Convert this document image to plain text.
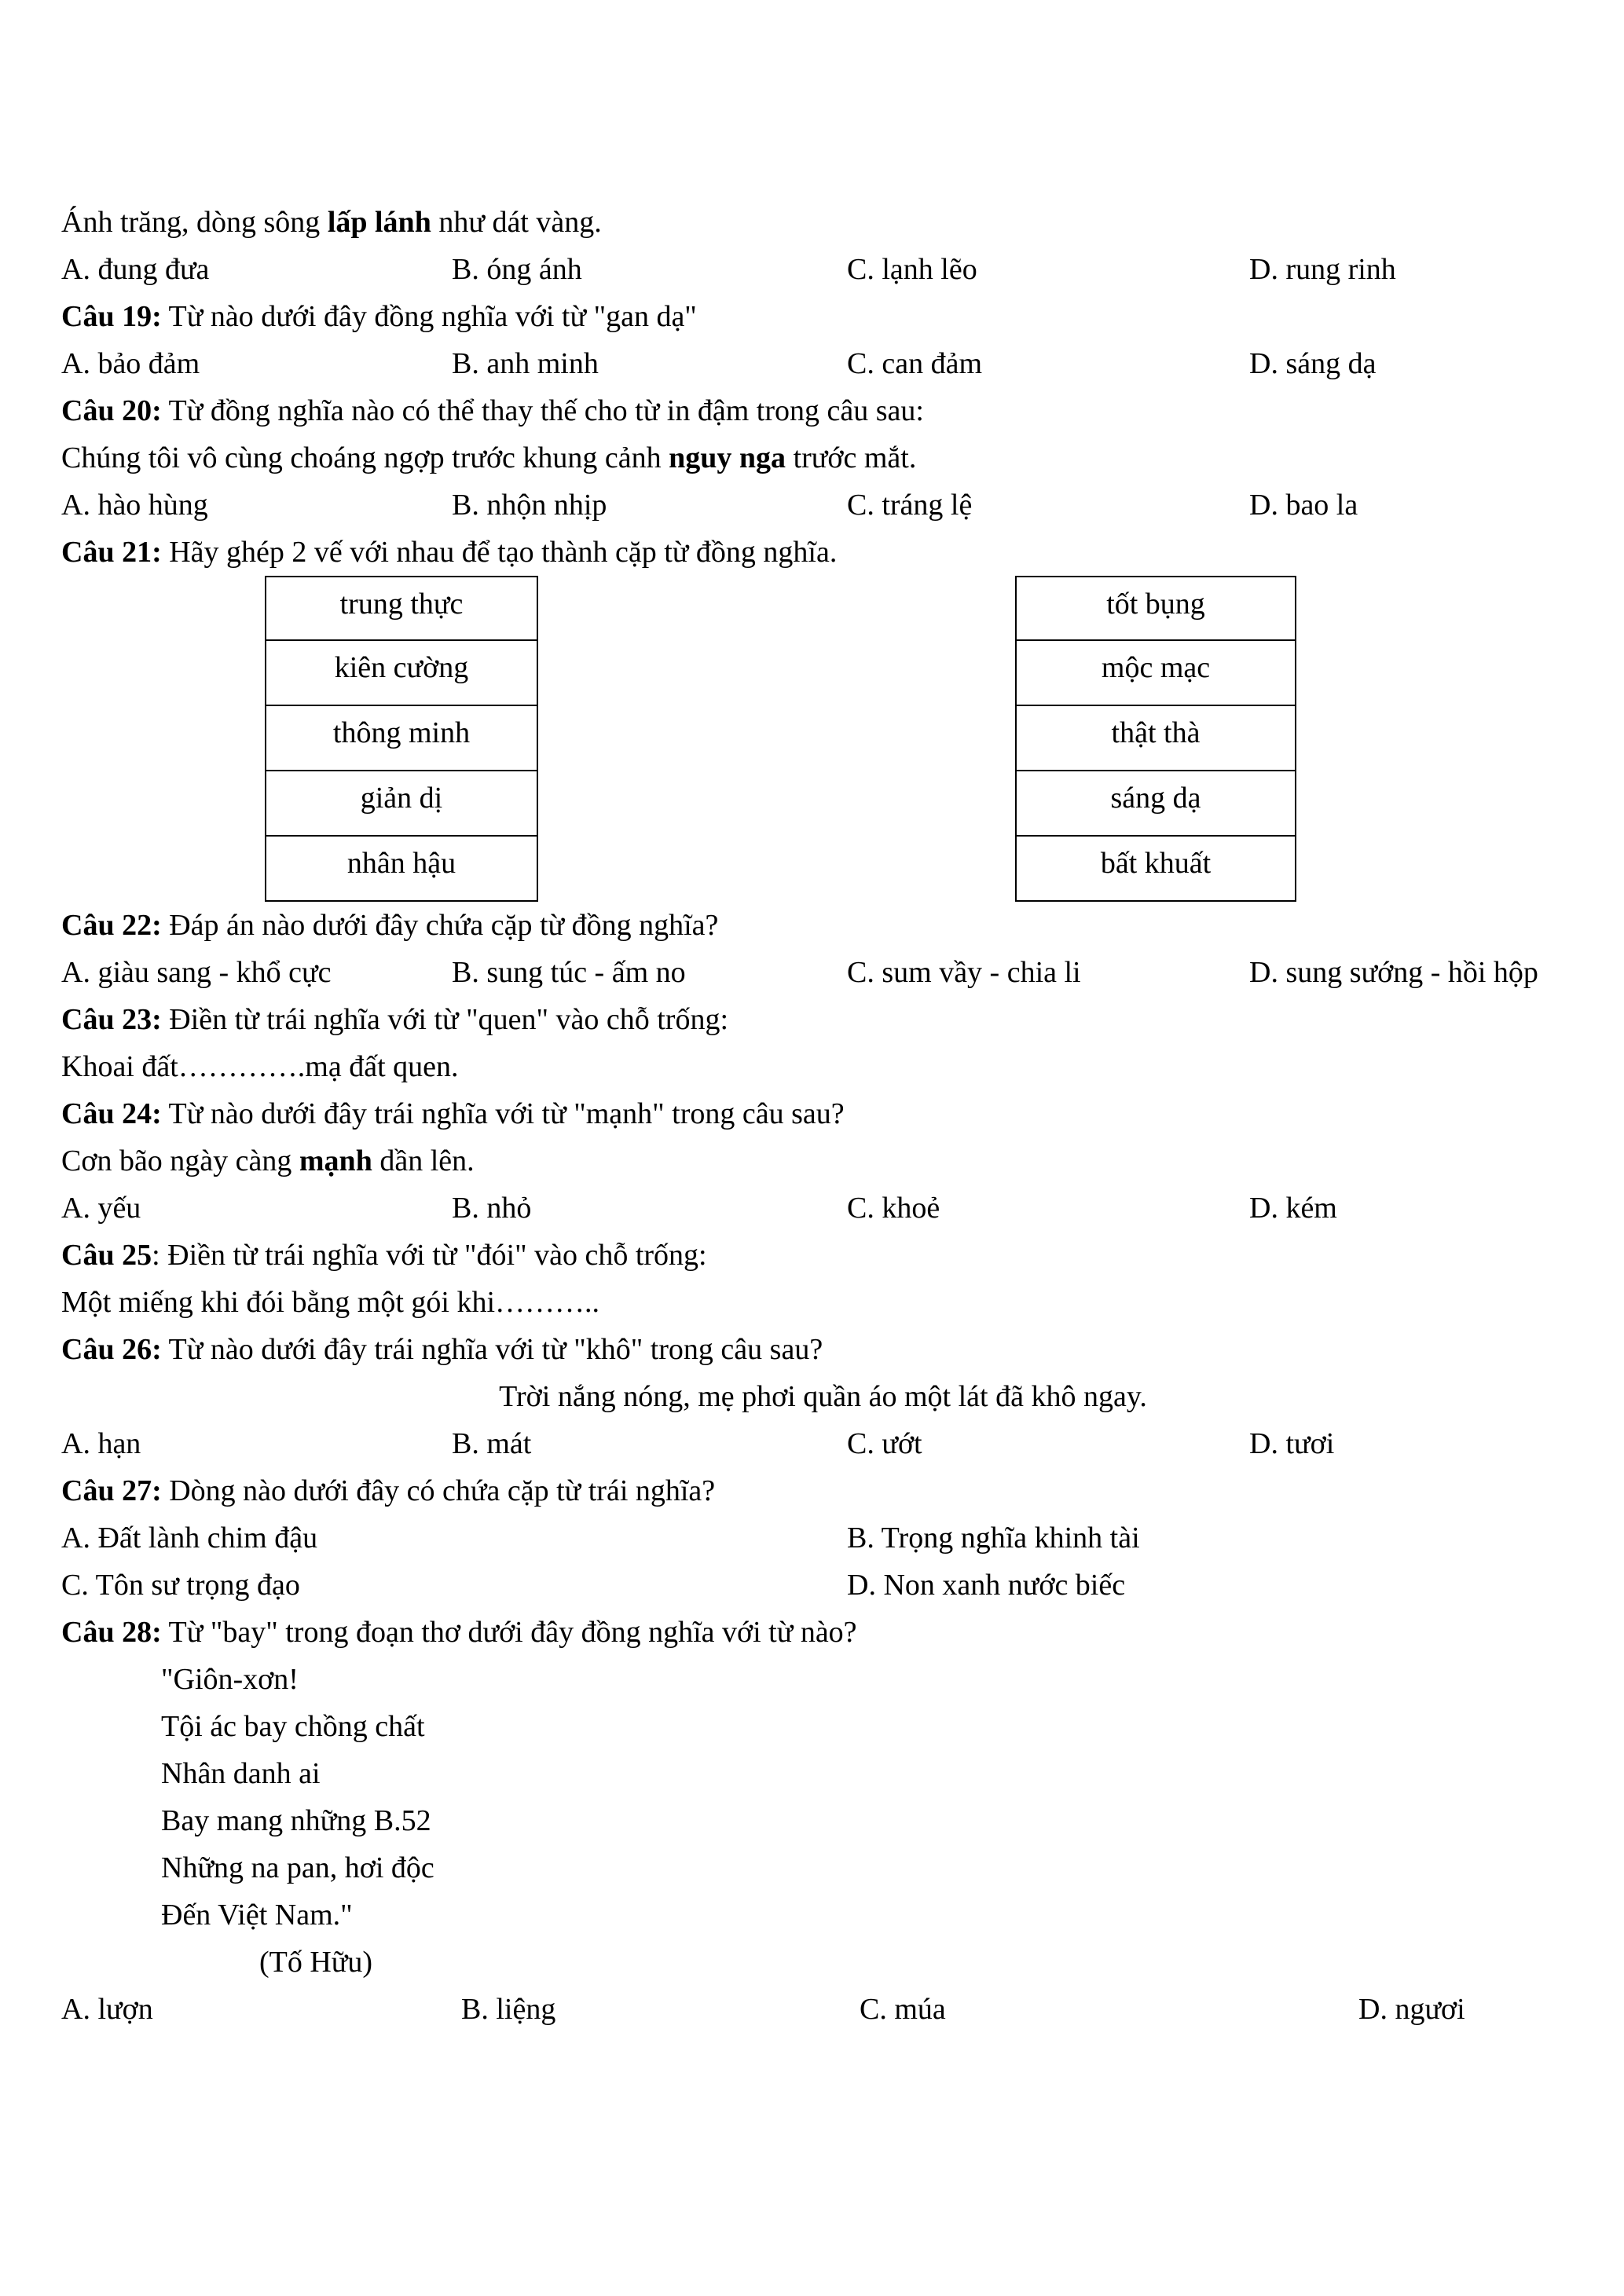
Ánh trăng, dòng sông lấp lánh như dát vàng.
A. đung đưa	B. óng ánh	C. lạnh lẽo	D. rung rinh
Câu 19: Từ nào dưới đây đồng nghĩa với từ "gan dạ"
A. bảo đảm	B. anh minh	C. can đảm	D. sáng dạ
Câu 20: Từ đồng nghĩa nào có thể thay thế cho từ in đậm trong câu sau:
Chúng tôi vô cùng choáng ngợp trước khung cảnh nguy nga trước mắt.
A. hào hùng	B. nhộn nhịp	C. tráng lệ	D. bao la
Câu 21: Hãy ghép 2 vế với nhau để tạo thành cặp từ đồng nghĩa.
trung thực
kiên cường
thông minh
giản dị
nhân hậu
tốt bụng
mộc mạc
thật thà
sáng dạ
bất khuất
Câu 22: Đáp án nào dưới đây chứa cặp từ đồng nghĩa?
A. giàu sang - khổ cực	B. sung túc - ấm no	C. sum vầy - chia li	D. sung sướng - hồi hộp
Câu 23: Điền từ trái nghĩa với từ "quen" vào chỗ trống:
Khoai đất………….mạ đất quen.
Câu 24: Từ nào dưới đây trái nghĩa với từ "mạnh" trong câu sau?
Cơn bão ngày càng mạnh dần lên.
A. yếu	B. nhỏ	C. khoẻ	D. kém
Câu 25: Điền từ trái nghĩa với từ "đói" vào chỗ trống:
Một miếng khi đói bằng một gói khi………..
Câu 26: Từ nào dưới đây trái nghĩa với từ "khô" trong câu sau?
Trời nắng nóng, mẹ phơi quần áo một lát đã khô ngay.
A. hạn	B. mát	C. ướt	D. tươi
Câu 27: Dòng nào dưới đây có chứa cặp từ trái nghĩa?
A. Đất lành chim đậu	B. Trọng nghĩa khinh tài
C. Tôn sư trọng đạo	D. Non xanh nước biếc
Câu 28: Từ "bay" trong đoạn thơ dưới đây đồng nghĩa với từ nào?
"Giôn-xơn!
Tội ác bay chồng chất
Nhân danh ai
Bay mang những B.52
Những na pan, hơi độc
Đến Việt Nam."
(Tố Hữu)
A. lượn	B. liệng	C. múa	D. ngươi
